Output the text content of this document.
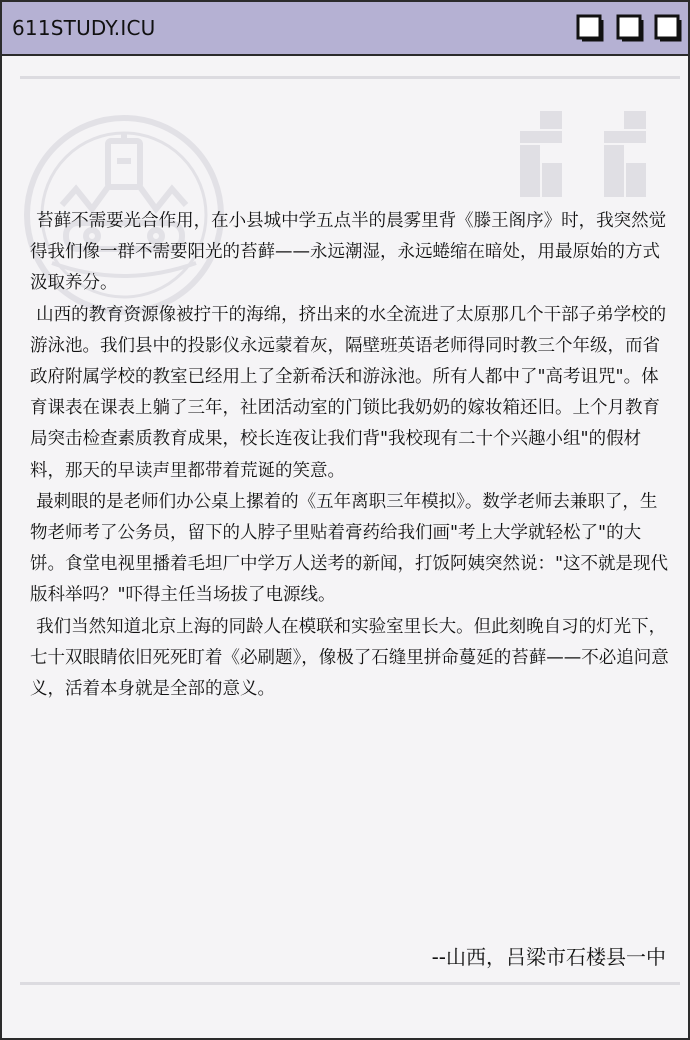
611STUDY.ICU

苔藓不需要光合作用，在小县城中学五点半的晨雾里背《滕王阁序》时，我突然觉得我们像一群不需要阳光的苔藓——永远潮湿，永远蜷缩在暗处，用最原始的方式汲取养分。

山西的教育资源像被拧干的海绵，挤出来的水全流进了太原那几个干部子弟学校的游泳池。我们县中的投影仪永远蒙着灰，隔壁班英语老师得同时教三个年级，而省政府附属学校的教室已经用上了全新希沃和游泳池。所有人都中了"高考诅咒"。体育课表在课表上躺了三年，社团活动室的门锁比我奶奶的嫁妆箱还旧。上个月教育局突击检查素质教育成果，校长连夜让我们背"我校现有二十个兴趣小组"的假材料，那天的早读声里都带着荒诞的笑意。

最刺眼的是老师们办公桌上摞着的《五年离职三年模拟》。数学老师去兼职了，生物老师考了公务员，留下的人脖子里贴着膏药给我们画"考上大学就轻松了"的大饼。食堂电视里播着毛坦厂中学万人送考的新闻，打饭阿姨突然说："这不就是现代版科举吗？"吓得主任当场拔了电源线。

我们当然知道北京上海的同龄人在模联和实验室里长大。但此刻晚自习的灯光下，七十双眼睛依旧死死盯着《必刷题》，像极了石缝里拼命蔓延的苔藓——不必追问意义，活着本身就是全部的意义。

--山西，吕梁市石楼县一中
